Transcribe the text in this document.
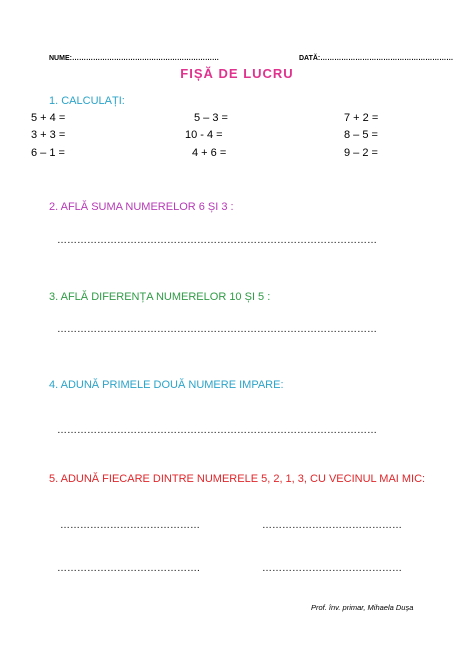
NUME:………………………………………………………	DATĂ:…………………………………………………
FIȘĂ DE LUCRU
1. CALCULAȚI:
5 + 4 =	5 – 3 =	7 + 2 =
3 + 3 =	10 - 4 =	8 – 5 =
6 – 1 =	4 + 6 =	9 – 2 =
2. AFLĂ SUMA NUMERELOR 6 ȘI 3 :
……………………………………………………………………………………
3. AFLĂ DIFERENȚA NUMERELOR 10 ȘI 5 :
……………………………………………………………………………………
4. ADUNĂ PRIMELE DOUĂ NUMERE IMPARE:
……………………………………………………………………………………
5. ADUNĂ FIECARE DINTRE NUMERELE 5, 2, 1, 3, CU VECINUL MAI MIC:
……………………………………	……………………………………
…………………………………….	……………………………………
Prof. înv. primar, Mihaela Dușa
